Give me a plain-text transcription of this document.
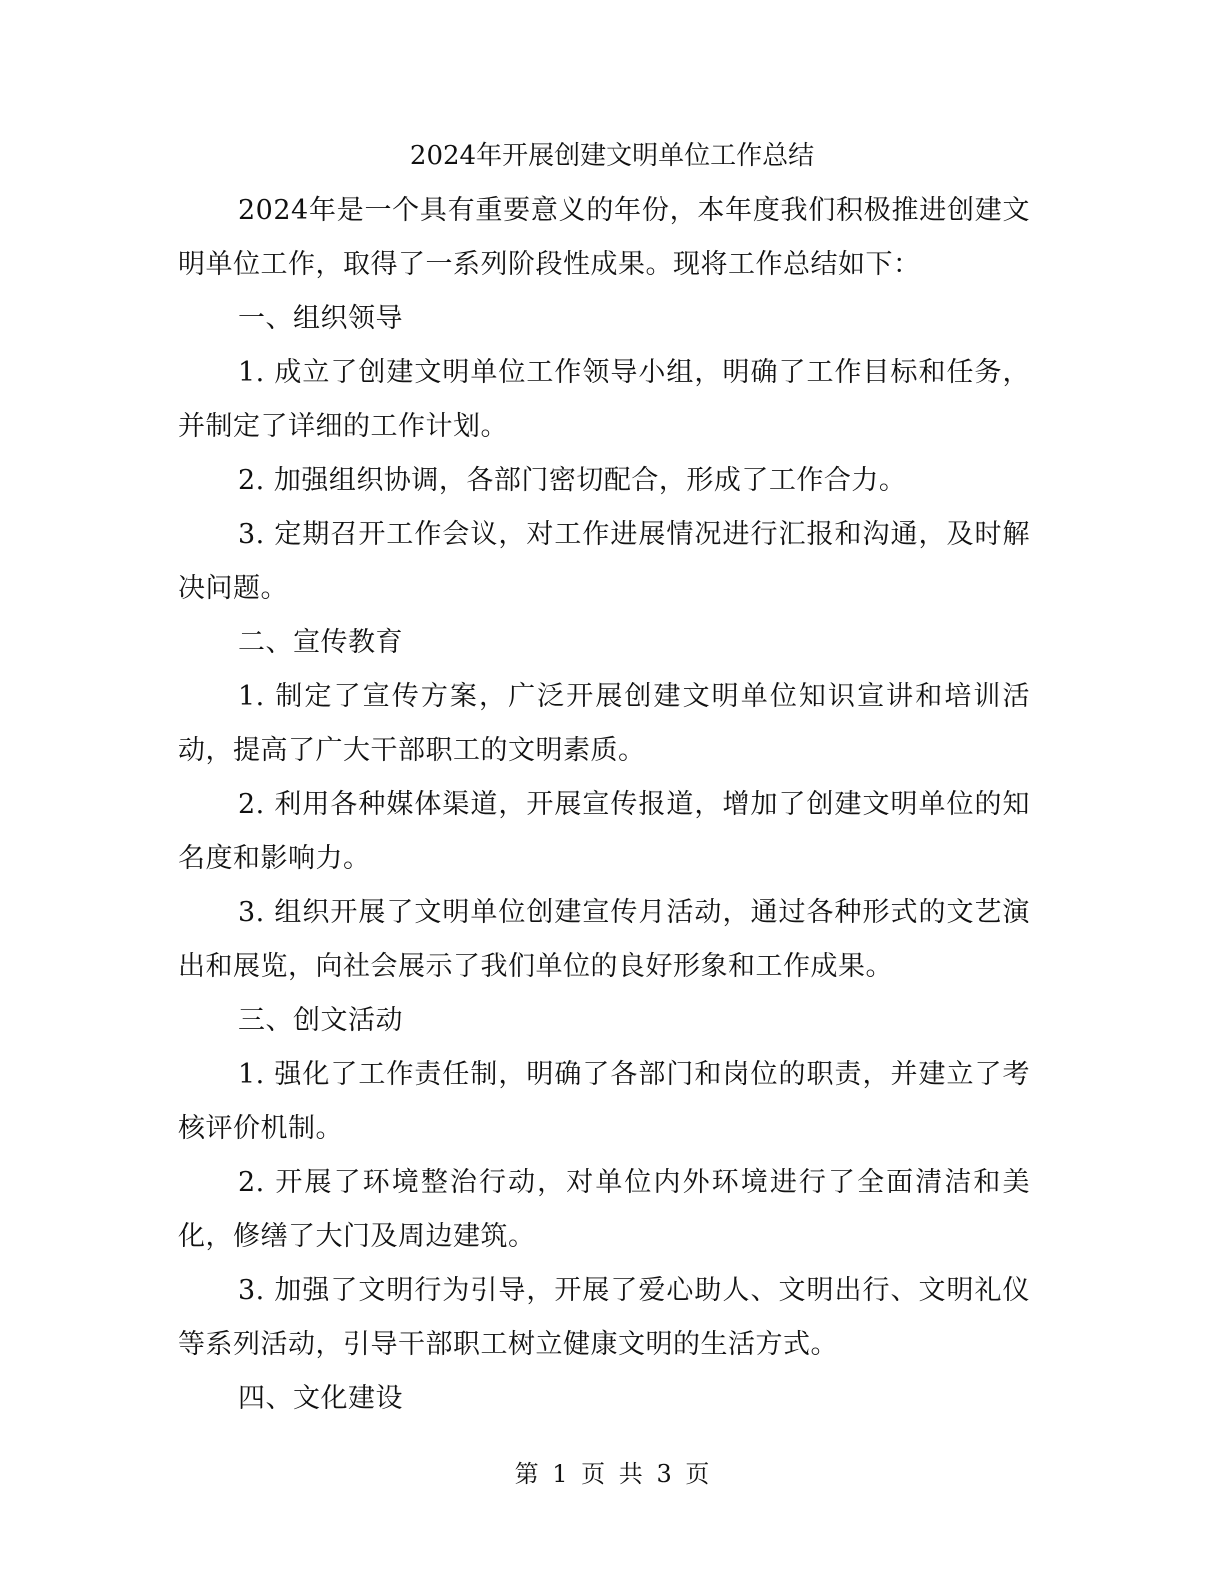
2024年开展创建文明单位工作总结

2024年是一个具有重要意义的年份，本年度我们积极推进创建文明单位工作，取得了一系列阶段性成果。现将工作总结如下：

一、组织领导

1. 成立了创建文明单位工作领导小组，明确了工作目标和任务，并制定了详细的工作计划。

2. 加强组织协调，各部门密切配合，形成了工作合力。

3. 定期召开工作会议，对工作进展情况进行汇报和沟通，及时解决问题。

二、宣传教育

1. 制定了宣传方案，广泛开展创建文明单位知识宣讲和培训活动，提高了广大干部职工的文明素质。

2. 利用各种媒体渠道，开展宣传报道，增加了创建文明单位的知名度和影响力。

3. 组织开展了文明单位创建宣传月活动，通过各种形式的文艺演出和展览，向社会展示了我们单位的良好形象和工作成果。

三、创文活动

1. 强化了工作责任制，明确了各部门和岗位的职责，并建立了考核评价机制。

2. 开展了环境整治行动，对单位内外环境进行了全面清洁和美化，修缮了大门及周边建筑。

3. 加强了文明行为引导，开展了爱心助人、文明出行、文明礼仪等系列活动，引导干部职工树立健康文明的生活方式。

四、文化建设

第 1 页 共 3 页
